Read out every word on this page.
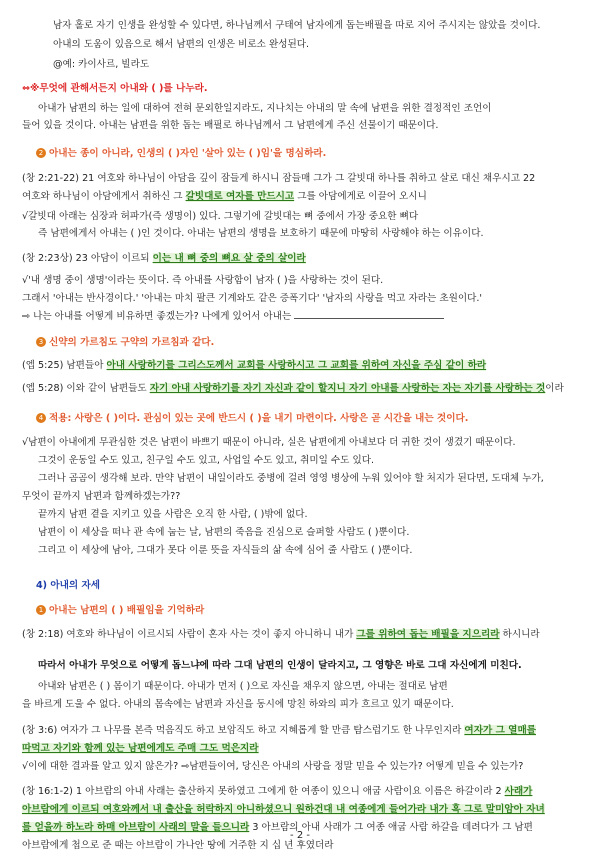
남자 홀로 자기 인생을 완성할 수 있다면, 하나님께서 구태여 남자에게 돕는배필을 따로 지어 주시지는 않았을 것이다.
아내의 도움이 있음으로 해서 남편의 인생은 비로소 완성된다.
@예: 카이사르, 빌라도
⇔※무엇에 관해서든지 아내와 ( )를 나누라.
아내가 남편의 하는 일에 대하여 전혀 문외한일지라도, 지나치는 아내의 말 속에 남편을 위한 결정적인 조언이
들어 있을 것이다. 아내는 남편을 위한 돕는 배필로 하나님께서 그 남편에게 주신 선물이기 때문이다.
2 아내는 종이 아니라, 인생의 ( )자인 '살아 있는 ( )임'을 명심하라.
(창 2:21-22) 21 여호와 하나님이 아담을 깊이 잠들게 하시니 잠들매 그가 그 갈빗대 하나를 취하고 살로 대신 채우시고 22
여호와 하나님이 아담에게서 취하신 그 갈빗대로 여자를 만드시고 그를 아담에게로 이끌어 오시니
√갈빗대 아래는 심장과 허파가(즉 생명이) 있다. 그렇기에 갈빗대는 뼈 중에서 가장 중요한 뼈다
즉 남편에게서 아내는 ( )인 것이다. 아내는 남편의 생명을 보호하기 때문에 마땅히 사랑해야 하는 이유이다.
(창 2:23상) 23 아담이 이르되 이는 내 뼈 중의 뼈요 살 중의 살이라
√'내 생명 중이 생명'이라는 뜻이다. 즉 아내를 사랑함이 남자 ( )을 사랑하는 것이 된다.
그래서 '아내는 반사경이다.' '아내는 마치 팔큰 기계와도 같은 증폭기다' '남자의 사랑을 먹고 자라는 초원이다.'
⇨ 나는 아내를 어떻게 비유하면 좋겠는가? 나에게 있어서 아내는
3 신약의 가르침도 구약의 가르침과 같다.
(엡 5:25) 남편들아 아내 사랑하기를 그리스도께서 교회를 사랑하시고 그 교회를 위하여 자신을 주심 같이 하라
(엡 5:28) 이와 같이 남편들도 자기 아내 사랑하기를 자기 자신과 같이 할지니 자기 아내를 사랑하는 자는 자기를 사랑하는 것이라
4 적용: 사랑은 ( )이다. 관심이 있는 곳에 반드시 ( )을 내기 마련이다. 사랑은 곧 시간을 내는 것이다.
√남편이 아내에게 무관심한 것은 남편이 바쁘기 때문이 아니라, 실은 남편에게 아내보다 더 귀한 것이 생겼기 때문이다.
그것이 운동일 수도 있고, 친구일 수도 있고, 사업일 수도 있고, 취미일 수도 있다.
그러나 곰곰이 생각해 보라. 만약 남편이 내일이라도 중병에 걸려 영영 병상에 누워 있어야 할 처지가 된다면, 도대체 누가,
무엇이 끝까지 남편과 함께하겠는가??
끝까지 남편 곁을 지키고 있을 사람은 오직 한 사람, ( )밖에 없다.
남편이 이 세상을 떠나 관 속에 눕는 날, 남편의 죽음을 진심으로 슬퍼할 사람도 ( )뿐이다.
그리고 이 세상에 남아, 그대가 못다 이룬 뜻을 자식들의 삶 속에 심어 줄 사람도 ( )뿐이다.
4) 아내의 자세
1 아내는 남편의 ( ) 배필임을 기억하라
(창 2:18) 여호와 하나님이 이르시되 사람이 혼자 사는 것이 좋지 아니하니 내가 그를 위하여 돕는 배필을 지으리라 하시니라
따라서 아내가 무엇으로 어떻게 돕느냐에 따라 그대 남편의 인생이 달라지고, 그 영향은 바로 그대 자신에게 미친다.
아내와 남편은 ( ) 몸이기 때문이다. 아내가 먼저 ( )으로 자신을 채우지 않으면, 아내는 절대로 남편
을 바르게 도울 수 없다. 아내의 몸속에는 남편과 자신을 동시에 망친 하와의 피가 흐르고 있기 때문이다.
(창 3:6) 여자가 그 나무를 본즉 먹음직도 하고 보암직도 하고 지혜롭게 할 만큼 탐스럽기도 한 나무인지라 여자가 그 열매를
따먹고 자기와 함께 있는 남편에게도 주매 그도 먹은지라
√이에 대한 결과를 알고 있지 않은가? ⇨남편들이여, 당신은 아내의 사랑을 정말 믿을 수 있는가? 어떻게 믿을 수 있는가?
(창 16:1-2) 1 아브람의 아내 사래는 출산하지 못하였고 그에게 한 여종이 있으니 애굽 사람이요 이름은 하갈이라 2 사래가
아브람에게 이르되 여호와께서 내 출산을 허락하지 아니하셨으니 원하건대 내 여종에게 들어가라 내가 혹 그로 말미암아 자녀
를 얻을까 하노라 하매 아브람이 사래의 말을 들으니라 3 아브람의 아내 사래가 그 여종 애굽 사람 하갈을 데려다가 그 남편
아브람에게 첩으로 준 때는 아브람이 가나안 땅에 거주한 지 십 년 후였더라
- 2 -
